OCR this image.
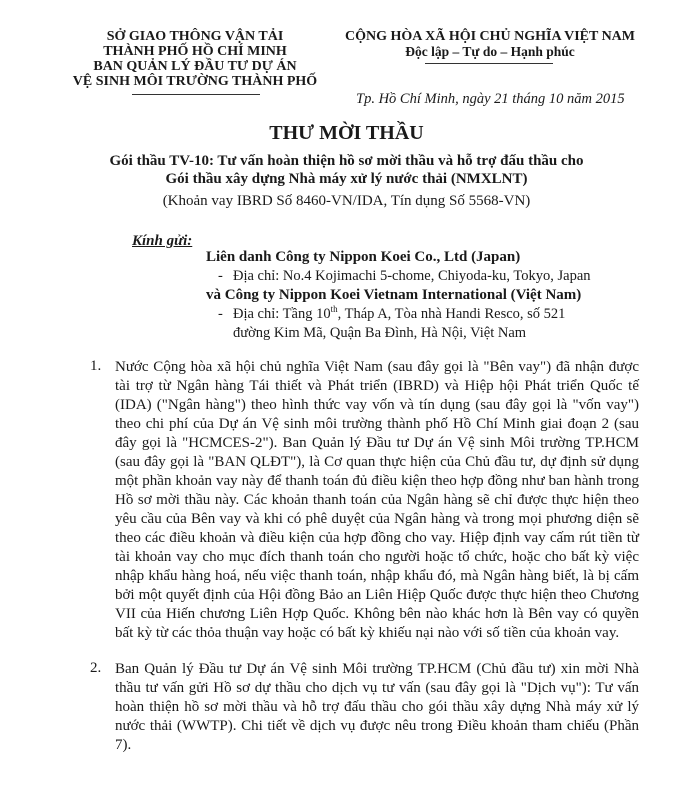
SỞ GIAO THÔNG VẬN TẢI
THÀNH PHỐ HỒ CHÍ MINH
BAN QUẢN LÝ ĐẦU TƯ DỰ ÁN
VỆ SINH MÔI TRƯỜNG THÀNH PHỐ
CỘNG HÒA XÃ HỘI CHỦ NGHĨA VIỆT NAM
Độc lập – Tự do – Hạnh phúc
Tp. Hồ Chí Minh, ngày 21 tháng 10 năm 2015
THƯ MỜI THẦU
Gói thầu TV-10: Tư vấn hoàn thiện hồ sơ mời thầu và hỗ trợ đấu thầu cho
Gói thầu xây dựng Nhà máy xử lý nước thải (NMXLNT)
(Khoản vay IBRD Số 8460-VN/IDA, Tín dụng Số 5568-VN)
Kính gửi:
Liên danh Công ty Nippon Koei Co., Ltd (Japan)
- Địa chỉ: No.4 Kojimachi 5-chome, Chiyoda-ku, Tokyo, Japan
và Công ty Nippon Koei Vietnam International (Việt Nam)
- Địa chỉ: Tầng 10th, Tháp A, Tòa nhà Handi Resco, số 521
đường Kim Mã, Quận Ba Đình, Hà Nội, Việt Nam
1. Nước Cộng hòa xã hội chủ nghĩa Việt Nam (sau đây gọi là "Bên vay") đã nhận được tài trợ từ Ngân hàng Tái thiết và Phát triển (IBRD) và Hiệp hội Phát triển Quốc tế (IDA) ("Ngân hàng") theo hình thức vay vốn và tín dụng (sau đây gọi là "vốn vay") theo chi phí của Dự án Vệ sinh môi trường thành phố Hồ Chí Minh giai đoạn 2 (sau đây gọi là "HCMCES-2"). Ban Quản lý Đầu tư Dự án Vệ sinh Môi trường TP.HCM (sau đây gọi là "BAN QLĐT"), là Cơ quan thực hiện của Chủ đầu tư, dự định sử dụng một phần khoản vay này để thanh toán đủ điều kiện theo hợp đồng như ban hành trong Hồ sơ mời thầu này. Các khoản thanh toán của Ngân hàng sẽ chỉ được thực hiện theo yêu cầu của Bên vay và khi có phê duyệt của Ngân hàng và trong mọi phương diện sẽ theo các điều khoản và điều kiện của hợp đồng cho vay. Hiệp định vay cấm rút tiền từ tài khoản vay cho mục đích thanh toán cho người hoặc tổ chức, hoặc cho bất kỳ việc nhập khẩu hàng hoá, nếu việc thanh toán, nhập khẩu đó, mà Ngân hàng biết, là bị cấm bởi một quyết định của Hội đồng Bảo an Liên Hiệp Quốc được thực hiện theo Chương VII của Hiến chương Liên Hợp Quốc. Không bên nào khác hơn là Bên vay có quyền bất kỳ từ các thỏa thuận vay hoặc có bất kỳ khiếu nại nào với số tiền của khoản vay.
2. Ban Quản lý Đầu tư Dự án Vệ sinh Môi trường TP.HCM (Chủ đầu tư) xin mời Nhà thầu tư vấn gửi Hồ sơ dự thầu cho dịch vụ tư vấn (sau đây gọi là "Dịch vụ"): Tư vấn hoàn thiện hồ sơ mời thầu và hỗ trợ đấu thầu cho gói thầu xây dựng Nhà máy xử lý nước thải (WWTP). Chi tiết về dịch vụ được nêu trong Điều khoản tham chiếu (Phần 7).
